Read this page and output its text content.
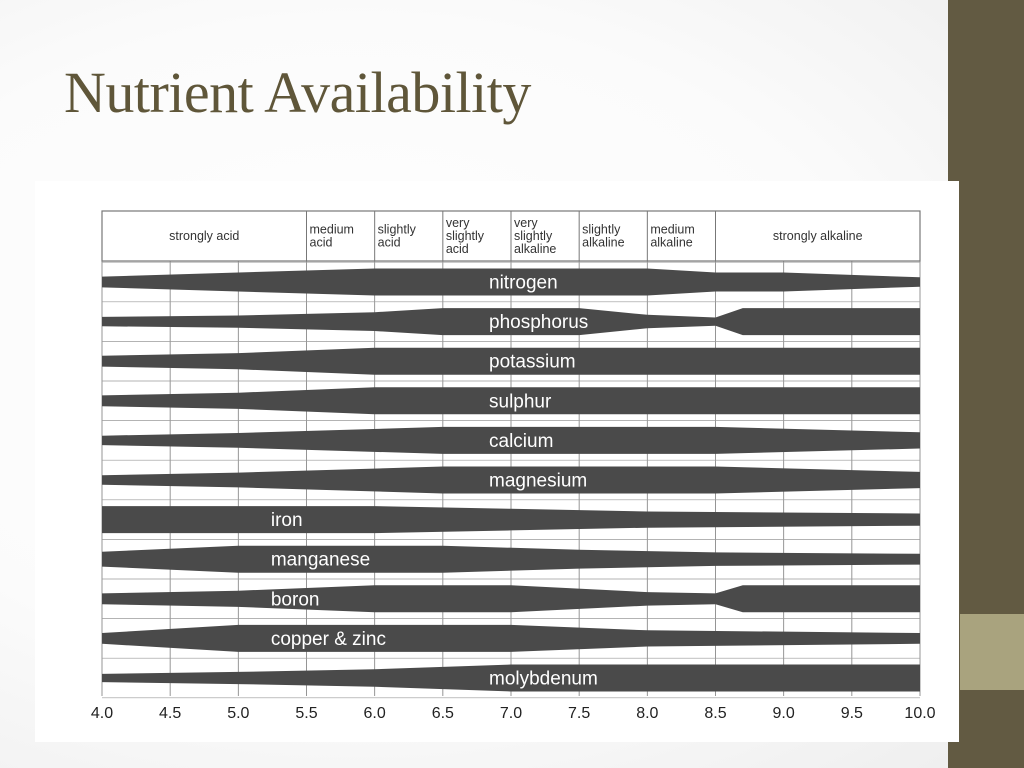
Nutrient Availability
nitrogen
phosphorus
potassium
sulphur
calcium
magnesium
iron
manganese
boron
copper & zinc
molybdenum
strongly acid	medium
acid
slightly
acid
very
slightly
acid
very
slightly
alkaline
slightly
alkaline
medium
alkaline	strongly alkaline
4.0	4.5	5.0	5.5	6.0	6.5	7.0	7.5	8.0	8.5	9.0	9.5	10.0
